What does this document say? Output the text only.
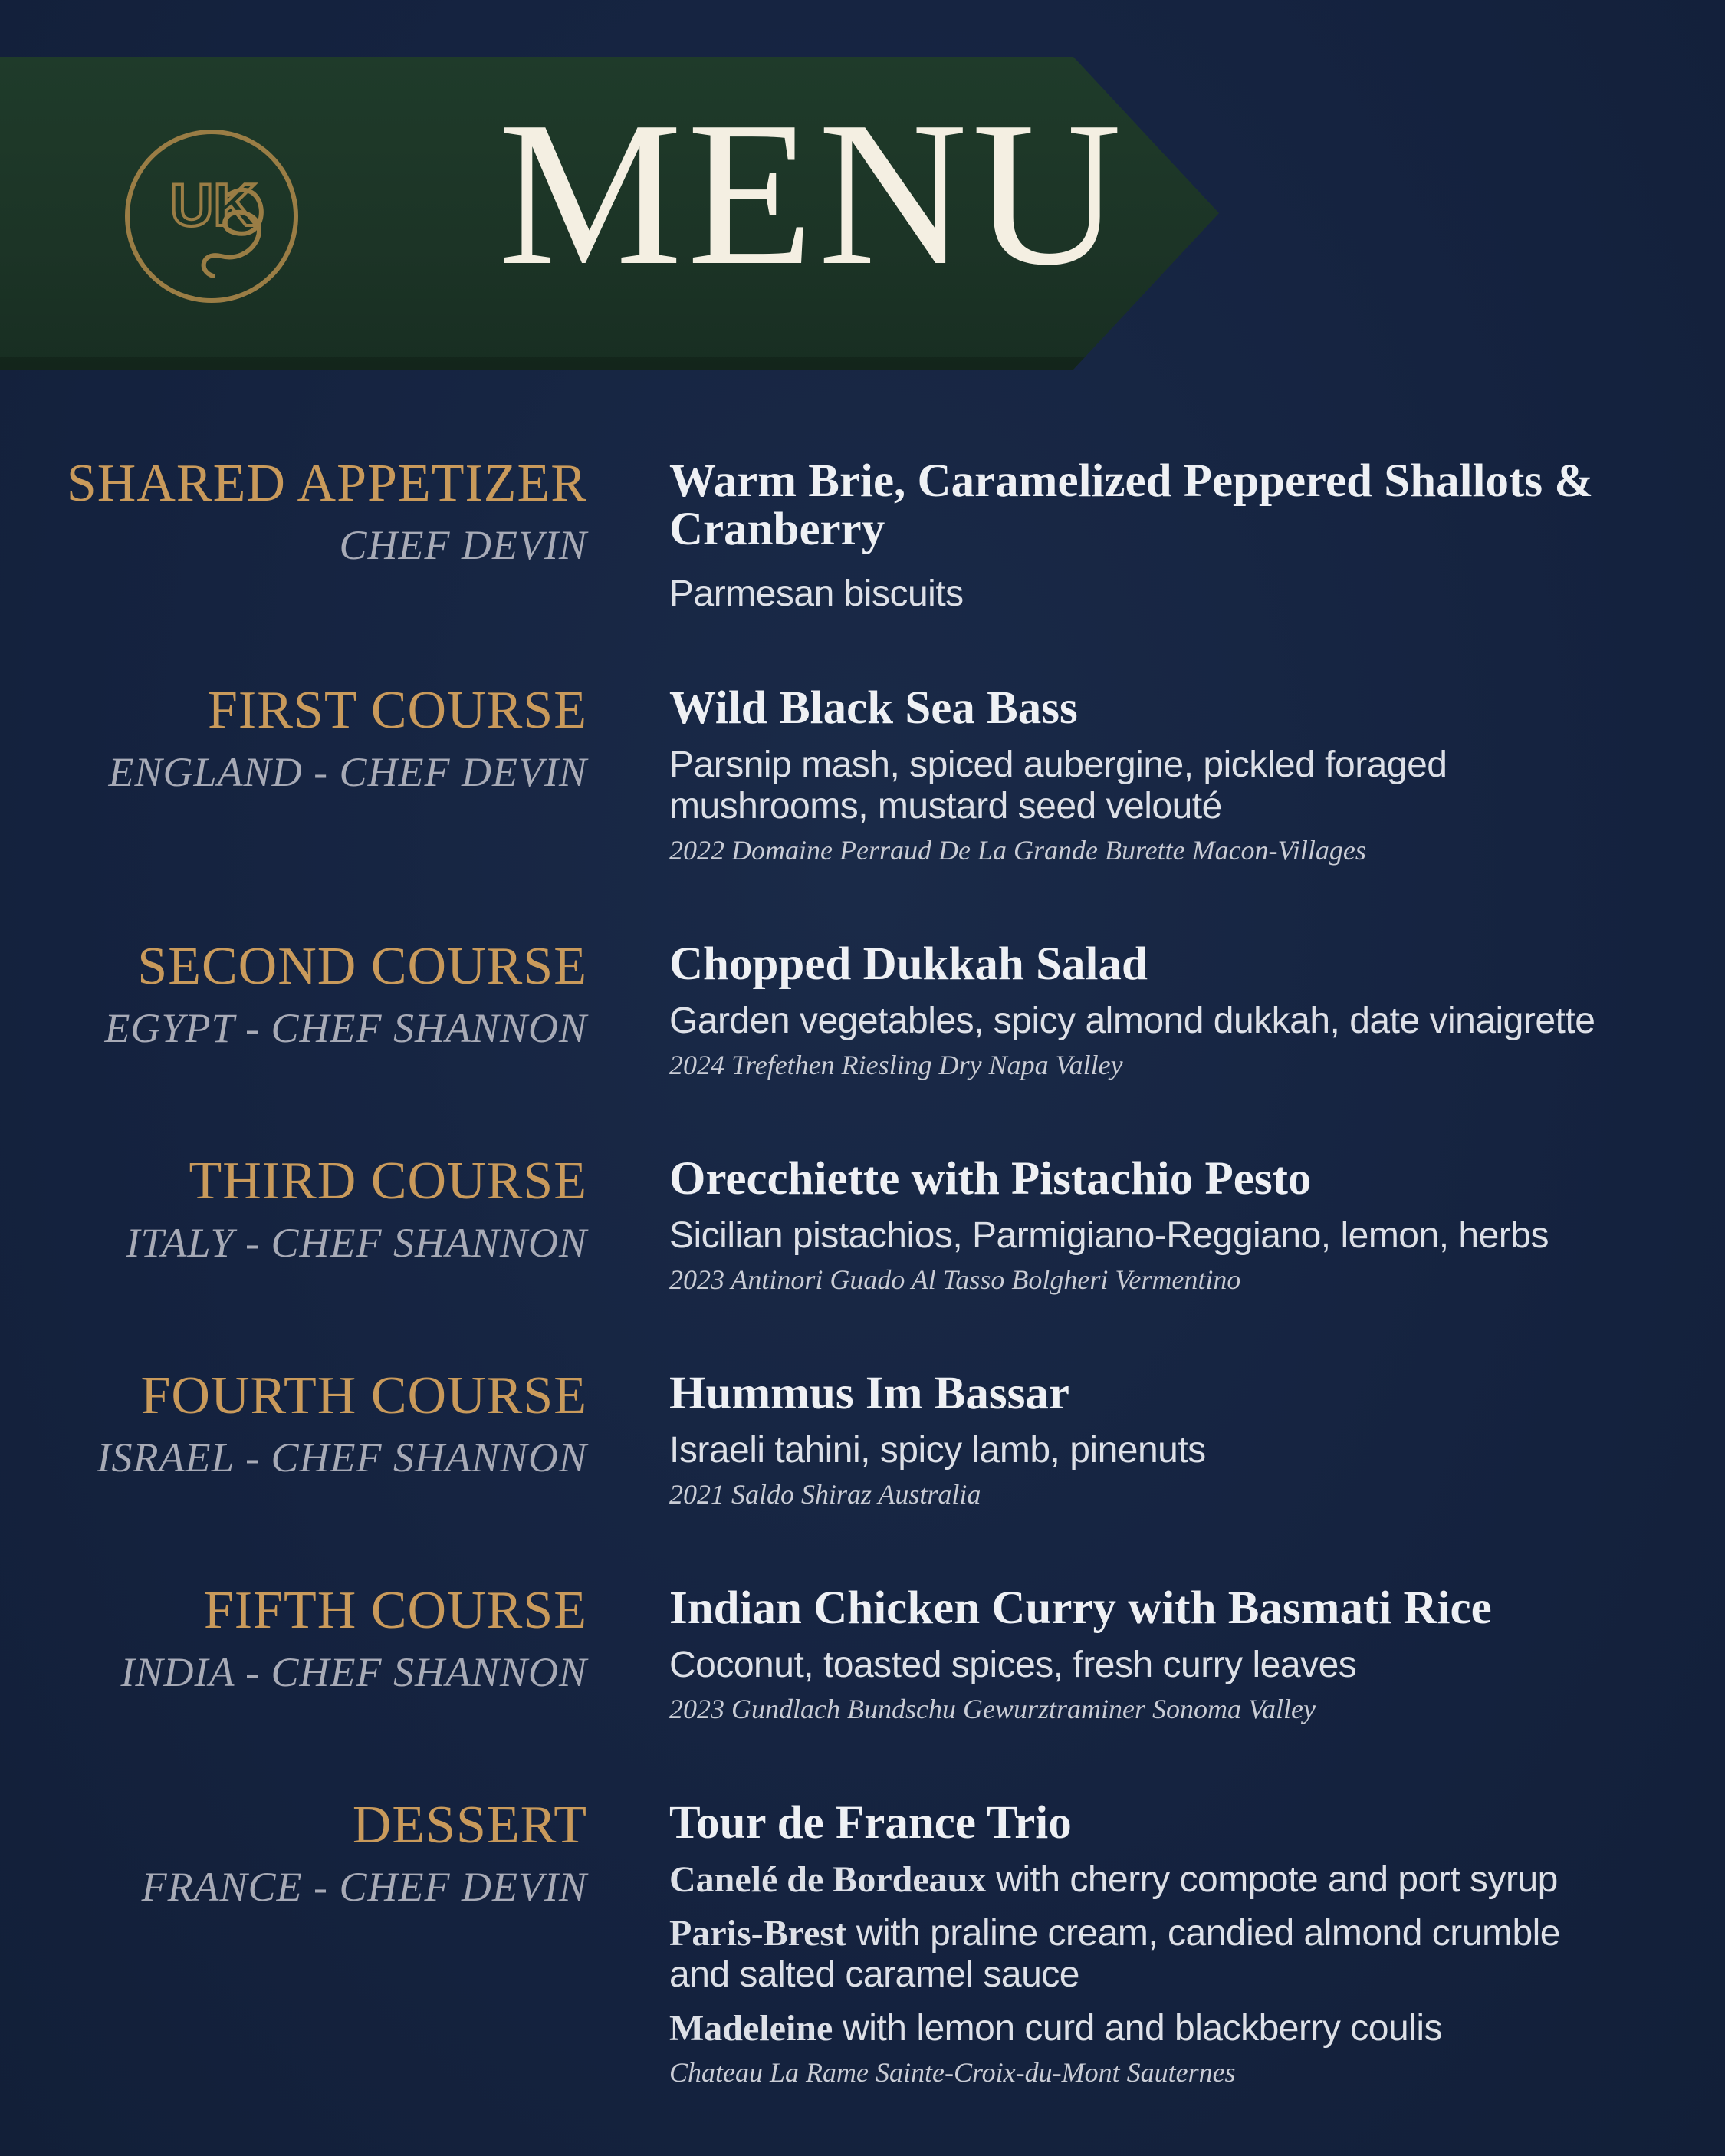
UK MENU
SHARED APPETIZER
CHEF DEVIN
Warm Brie, Caramelized Peppered Shallots & Cranberry
Parmesan biscuits
FIRST COURSE
ENGLAND - CHEF DEVIN
Wild Black Sea Bass
Parsnip mash, spiced aubergine, pickled foraged mushrooms, mustard seed velouté
2022 Domaine Perraud De La Grande Burette Macon-Villages
SECOND COURSE
EGYPT - CHEF SHANNON
Chopped Dukkah Salad
Garden vegetables, spicy almond dukkah, date vinaigrette
2024 Trefethen Riesling Dry Napa Valley
THIRD COURSE
ITALY - CHEF SHANNON
Orecchiette with Pistachio Pesto
Sicilian pistachios, Parmigiano-Reggiano, lemon, herbs
2023 Antinori Guado Al Tasso Bolgheri Vermentino
FOURTH COURSE
ISRAEL - CHEF SHANNON
Hummus Im Bassar
Israeli tahini, spicy lamb, pinenuts
2021 Saldo Shiraz Australia
FIFTH COURSE
INDIA - CHEF SHANNON
Indian Chicken Curry with Basmati Rice
Coconut, toasted spices, fresh curry leaves
2023 Gundlach Bundschu Gewurztraminer Sonoma Valley
DESSERT
FRANCE - CHEF DEVIN
Tour de France Trio
Canelé de Bordeaux with cherry compote and port syrup
Paris-Brest with praline cream, candied almond crumble and salted caramel sauce
Madeleine with lemon curd and blackberry coulis
Chateau La Rame Sainte-Croix-du-Mont Sauternes
